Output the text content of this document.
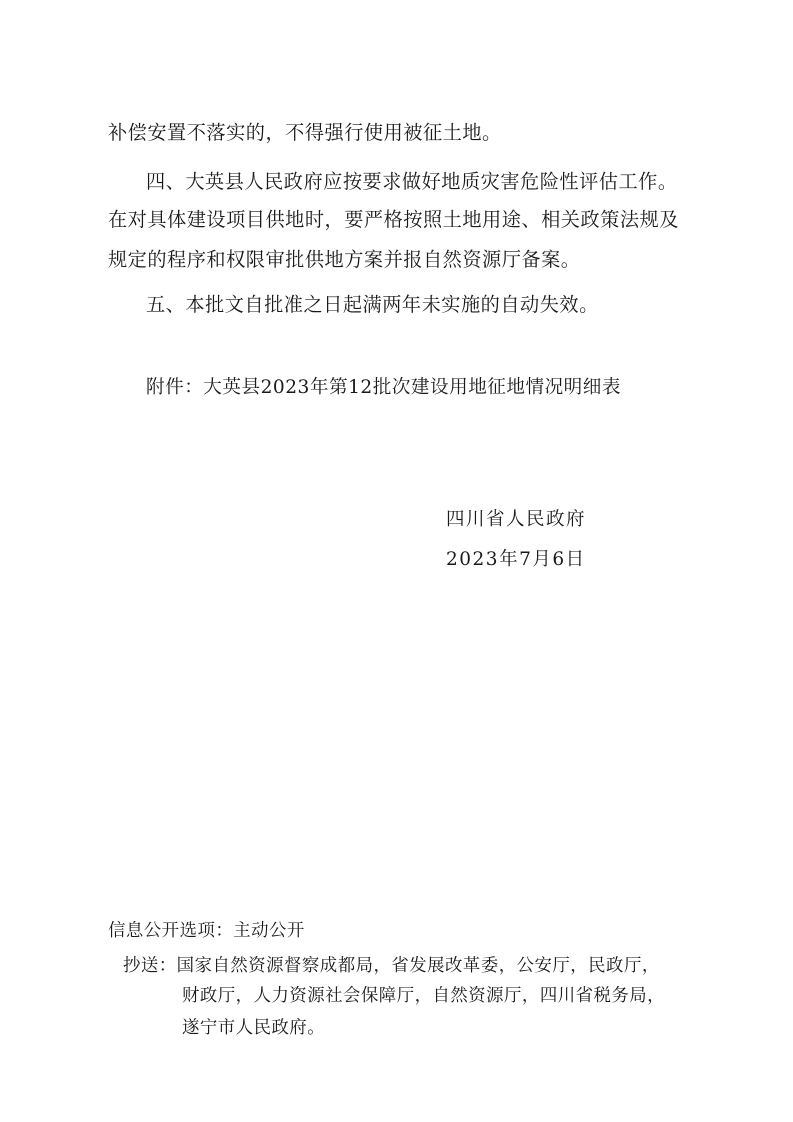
补偿安置不落实的，不得强行使用被征土地。
四、大英县人民政府应按要求做好地质灾害危险性评估工作。
在对具体建设项目供地时，要严格按照土地用途、相关政策法规及
规定的程序和权限审批供地方案并报自然资源厅备案。
五、本批文自批准之日起满两年未实施的自动失效。
附件：大英县2023年第12批次建设用地征地情况明细表
四川省人民政府
2023年7月6日
信息公开选项：主动公开
抄送：国家自然资源督察成都局，省发展改革委，公安厅，民政厅，
财政厅，人力资源社会保障厅，自然资源厅，四川省税务局，
遂宁市人民政府。
